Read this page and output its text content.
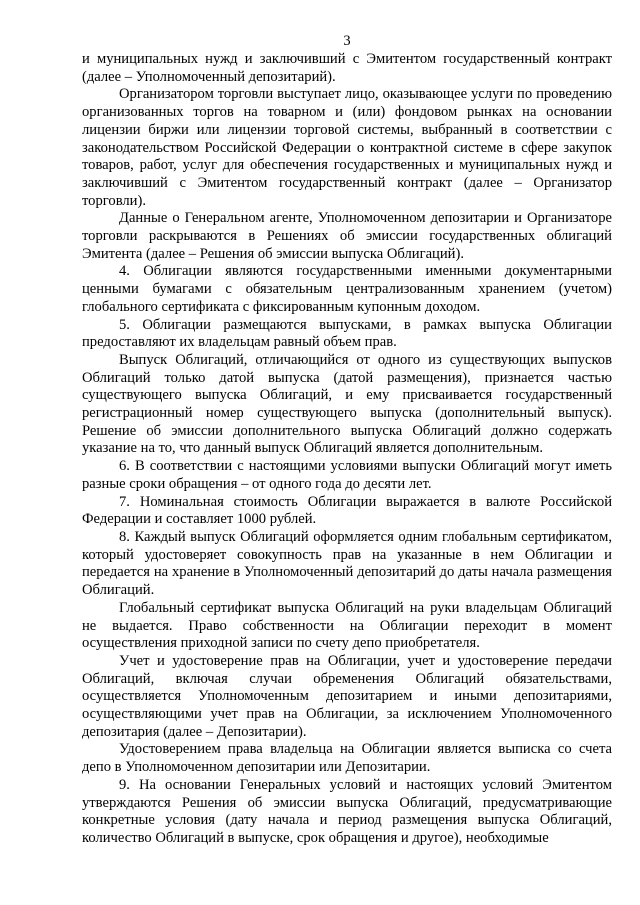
3

и муниципальных нужд и заключивший с Эмитентом государственный контракт (далее – Уполномоченный депозитарий).

Организатором торговли выступает лицо, оказывающее услуги по проведению организованных торгов на товарном и (или) фондовом рынках на основании лицензии биржи или лицензии торговой системы, выбранный в соответствии с законодательством Российской Федерации о контрактной системе в сфере закупок товаров, работ, услуг для обеспечения государственных и муниципальных нужд и заключивший с Эмитентом государственный контракт (далее – Организатор торговли).

Данные о Генеральном агенте, Уполномоченном депозитарии и Организаторе торговли раскрываются в Решениях об эмиссии государственных облигаций Эмитента (далее – Решения об эмиссии выпуска Облигаций).

4. Облигации являются государственными именными документарными ценными бумагами с обязательным централизованным хранением (учетом) глобального сертификата с фиксированным купонным доходом.

5. Облигации размещаются выпусками, в рамках выпуска Облигации предоставляют их владельцам равный объем прав.

Выпуск Облигаций, отличающийся от одного из существующих выпусков Облигаций только датой выпуска (датой размещения), признается частью существующего выпуска Облигаций, и ему присваивается государственный регистрационный номер существующего выпуска (дополнительный выпуск). Решение об эмиссии дополнительного выпуска Облигаций должно содержать указание на то, что данный выпуск Облигаций является дополнительным.

6. В соответствии с настоящими условиями выпуски Облигаций могут иметь разные сроки обращения – от одного года до десяти лет.

7. Номинальная стоимость Облигации выражается в валюте Российской Федерации и составляет 1000 рублей.

8. Каждый выпуск Облигаций оформляется одним глобальным сертификатом, который удостоверяет совокупность прав на указанные в нем Облигации и передается на хранение в Уполномоченный депозитарий до даты начала размещения Облигаций.

Глобальный сертификат выпуска Облигаций на руки владельцам Облигаций не выдается. Право собственности на Облигации переходит в момент осуществления приходной записи по счету депо приобретателя.

Учет и удостоверение прав на Облигации, учет и удостоверение передачи Облигаций, включая случаи обременения Облигаций обязательствами, осуществляется Уполномоченным депозитарием и иными депозитариями, осуществляющими учет прав на Облигации, за исключением Уполномоченного депозитария (далее – Депозитарии).

Удостоверением права владельца на Облигации является выписка со счета депо в Уполномоченном депозитарии или Депозитарии.

9. На основании Генеральных условий и настоящих условий Эмитентом утверждаются Решения об эмиссии выпуска Облигаций, предусматривающие конкретные условия (дату начала и период размещения выпуска Облигаций, количество Облигаций в выпуске, срок обращения и другое), необходимые
